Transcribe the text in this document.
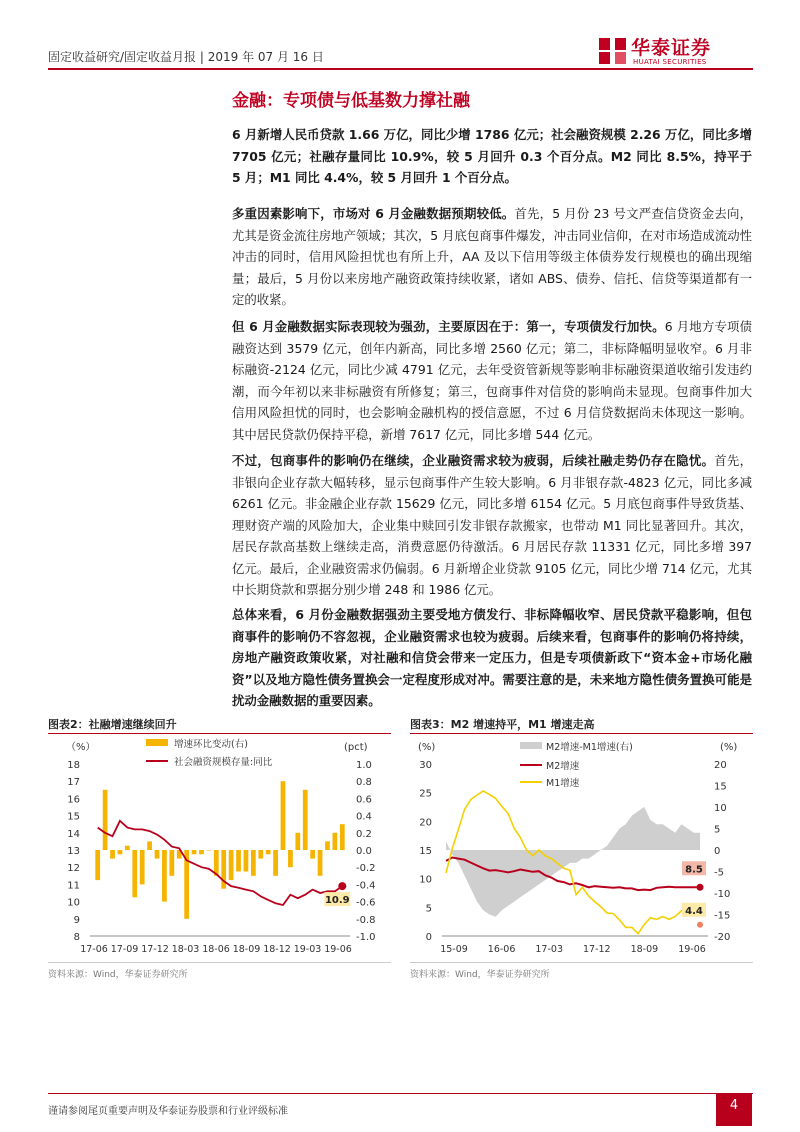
固定收益研究/固定收益月报 | 2019 年 07 月 16 日	华泰证券
HUATAI SECURITIES
金融：专项债与低基数力撑社融
6 月新增人民币贷款 1.66 万亿，同比少增 1786 亿元；社会融资规模 2.26 万亿，同比多增 7705 亿元；社融存量同比 10.9%，较 5 月回升 0.3 个百分点。M2 同比 8.5%，持平于 5 月；M1 同比 4.4%，较 5 月回升 1 个百分点。
多重因素影响下，市场对 6 月金融数据预期较低。首先，5 月份 23 号文严查信贷资金去向，尤其是资金流往房地产领域；其次，5 月底包商事件爆发，冲击同业信仰，在对市场造成流动性冲击的同时，信用风险担忧也有所上升，AA 及以下信用等级主体债券发行规模也的确出现缩量；最后，5 月份以来房地产融资政策持续收紧，诸如 ABS、债券、信托、信贷等渠道都有一定的收紧。
但 6 月金融数据实际表现较为强劲，主要原因在于：第一，专项债发行加快。6 月地方专项债融资达到 3579 亿元，创年内新高，同比多增 2560 亿元；第二，非标降幅明显收窄。6 月非标融资-2124 亿元，同比少减 4791 亿元，去年受资管新规等影响非标融资渠道收缩引发违约潮，而今年初以来非标融资有所修复；第三，包商事件对信贷的影响尚未显现。包商事件加大信用风险担忧的同时，也会影响金融机构的授信意愿，不过 6 月信贷数据尚未体现这一影响。其中居民贷款仍保持平稳，新增 7617 亿元，同比多增 544 亿元。
不过，包商事件的影响仍在继续，企业融资需求较为疲弱，后续社融走势仍存在隐忧。首先，非银向企业存款大幅转移，显示包商事件产生较大影响。6 月非银存款-4823 亿元，同比多减 6261 亿元。非金融企业存款 15629 亿元，同比多增 6154 亿元。5 月底包商事件导致货基、理财资产端的风险加大，企业集中赎回引发非银存款搬家，也带动 M1 同比显著回升。其次，居民存款高基数上继续走高，消费意愿仍待激活。6 月居民存款 11331 亿元，同比多增 397 亿元。最后，企业融资需求仍偏弱。6 月新增企业贷款 9105 亿元，同比少增 714 亿元，尤其中长期贷款和票据分别少增 248 和 1986 亿元。
总体来看，6 月份金融数据强劲主要受地方债发行、非标降幅收窄、居民贷款平稳影响，但包商事件的影响仍不容忽视，企业融资需求也较为疲弱。后续来看，包商事件的影响仍将持续，房地产融资政策收紧，对社融和信贷会带来一定压力，但是专项债新政下“资本金+市场化融资”以及地方隐性债务置换会一定程度形成对冲。需要注意的是，未来地方隐性债务置换可能是扰动金融数据的重要因素。
图表2：社融增速继续回升
（%）	(pct)
8
9
10
11
12
13
14
15
16
17
18
-1.0
-0.8
-0.6
-0.4
-0.2
0.0
0.2
0.4
0.6
0.8
1.0
10.9
17-06 17-09 17-12 18-03 18-06 18-09 18-12 19-03 19-06
增速环比变动(右)
社会融资规模存量:同比
资料来源：Wind，华泰证券研究所
图表3：M2 增速持平，M1 增速走高
(%)	(%)
0
5
10
15
20
25
30
-20
-15
-10
-5
0
5
10
15
20
8.5
4.4
15-09 16-06 17-03 17-12 18-09 19-06
M2增速-M1增速(右)
M2增速
M1增速
资料来源：Wind，华泰证券研究所
谨请参阅尾页重要声明及华泰证券股票和行业评级标准	4
